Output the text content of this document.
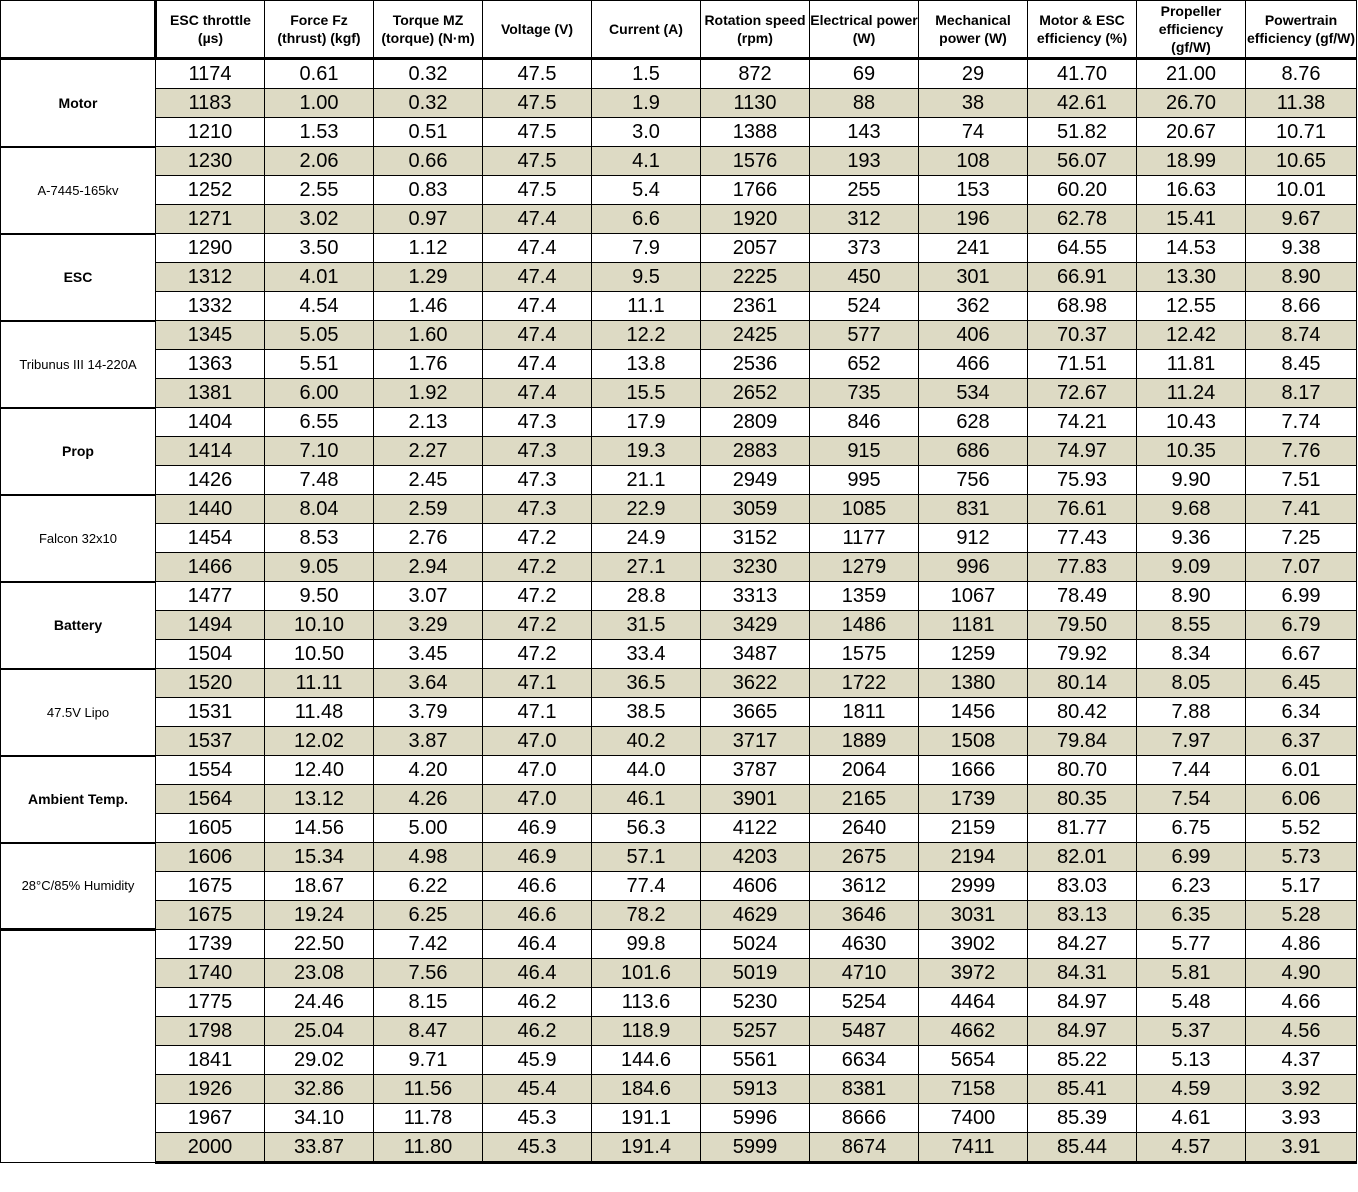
	ESC throttle (µs)	Force Fz (thrust) (kgf)	Torque MZ (torque) (N·m)	Voltage (V)	Current (A)	Rotation speed (rpm)	Electrical power (W)	Mechanical power (W)	Motor & ESC efficiency (%)	Propeller efficiency (gf/W)	Powertrain efficiency (gf/W)
Motor	1174	0.61	0.32	47.5	1.5	872	69	29	41.70	21.00	8.76
	1183	1.00	0.32	47.5	1.9	1130	88	38	42.61	26.70	11.38
	1210	1.53	0.51	47.5	3.0	1388	143	74	51.82	20.67	10.71
A-7445-165kv	1230	2.06	0.66	47.5	4.1	1576	193	108	56.07	18.99	10.65
	1252	2.55	0.83	47.5	5.4	1766	255	153	60.20	16.63	10.01
	1271	3.02	0.97	47.4	6.6	1920	312	196	62.78	15.41	9.67
ESC	1290	3.50	1.12	47.4	7.9	2057	373	241	64.55	14.53	9.38
	1312	4.01	1.29	47.4	9.5	2225	450	301	66.91	13.30	8.90
	1332	4.54	1.46	47.4	11.1	2361	524	362	68.98	12.55	8.66
Tribunus III 14-220A	1345	5.05	1.60	47.4	12.2	2425	577	406	70.37	12.42	8.74
	1363	5.51	1.76	47.4	13.8	2536	652	466	71.51	11.81	8.45
	1381	6.00	1.92	47.4	15.5	2652	735	534	72.67	11.24	8.17
Prop	1404	6.55	2.13	47.3	17.9	2809	846	628	74.21	10.43	7.74
	1414	7.10	2.27	47.3	19.3	2883	915	686	74.97	10.35	7.76
	1426	7.48	2.45	47.3	21.1	2949	995	756	75.93	9.90	7.51
Falcon 32x10	1440	8.04	2.59	47.3	22.9	3059	1085	831	76.61	9.68	7.41
	1454	8.53	2.76	47.2	24.9	3152	1177	912	77.43	9.36	7.25
	1466	9.05	2.94	47.2	27.1	3230	1279	996	77.83	9.09	7.07
Battery	1477	9.50	3.07	47.2	28.8	3313	1359	1067	78.49	8.90	6.99
	1494	10.10	3.29	47.2	31.5	3429	1486	1181	79.50	8.55	6.79
	1504	10.50	3.45	47.2	33.4	3487	1575	1259	79.92	8.34	6.67
47.5V Lipo	1520	11.11	3.64	47.1	36.5	3622	1722	1380	80.14	8.05	6.45
	1531	11.48	3.79	47.1	38.5	3665	1811	1456	80.42	7.88	6.34
	1537	12.02	3.87	47.0	40.2	3717	1889	1508	79.84	7.97	6.37
Ambient Temp.	1554	12.40	4.20	47.0	44.0	3787	2064	1666	80.70	7.44	6.01
	1564	13.12	4.26	47.0	46.1	3901	2165	1739	80.35	7.54	6.06
	1605	14.56	5.00	46.9	56.3	4122	2640	2159	81.77	6.75	5.52
28°C/85% Humidity	1606	15.34	4.98	46.9	57.1	4203	2675	2194	82.01	6.99	5.73
	1675	18.67	6.22	46.6	77.4	4606	3612	2999	83.03	6.23	5.17
	1675	19.24	6.25	46.6	78.2	4629	3646	3031	83.13	6.35	5.28
	1739	22.50	7.42	46.4	99.8	5024	4630	3902	84.27	5.77	4.86
	1740	23.08	7.56	46.4	101.6	5019	4710	3972	84.31	5.81	4.90
	1775	24.46	8.15	46.2	113.6	5230	5254	4464	84.97	5.48	4.66
	1798	25.04	8.47	46.2	118.9	5257	5487	4662	84.97	5.37	4.56
	1841	29.02	9.71	45.9	144.6	5561	6634	5654	85.22	5.13	4.37
	1926	32.86	11.56	45.4	184.6	5913	8381	7158	85.41	4.59	3.92
	1967	34.10	11.78	45.3	191.1	5996	8666	7400	85.39	4.61	3.93
	2000	33.87	11.80	45.3	191.4	5999	8674	7411	85.44	4.57	3.91
